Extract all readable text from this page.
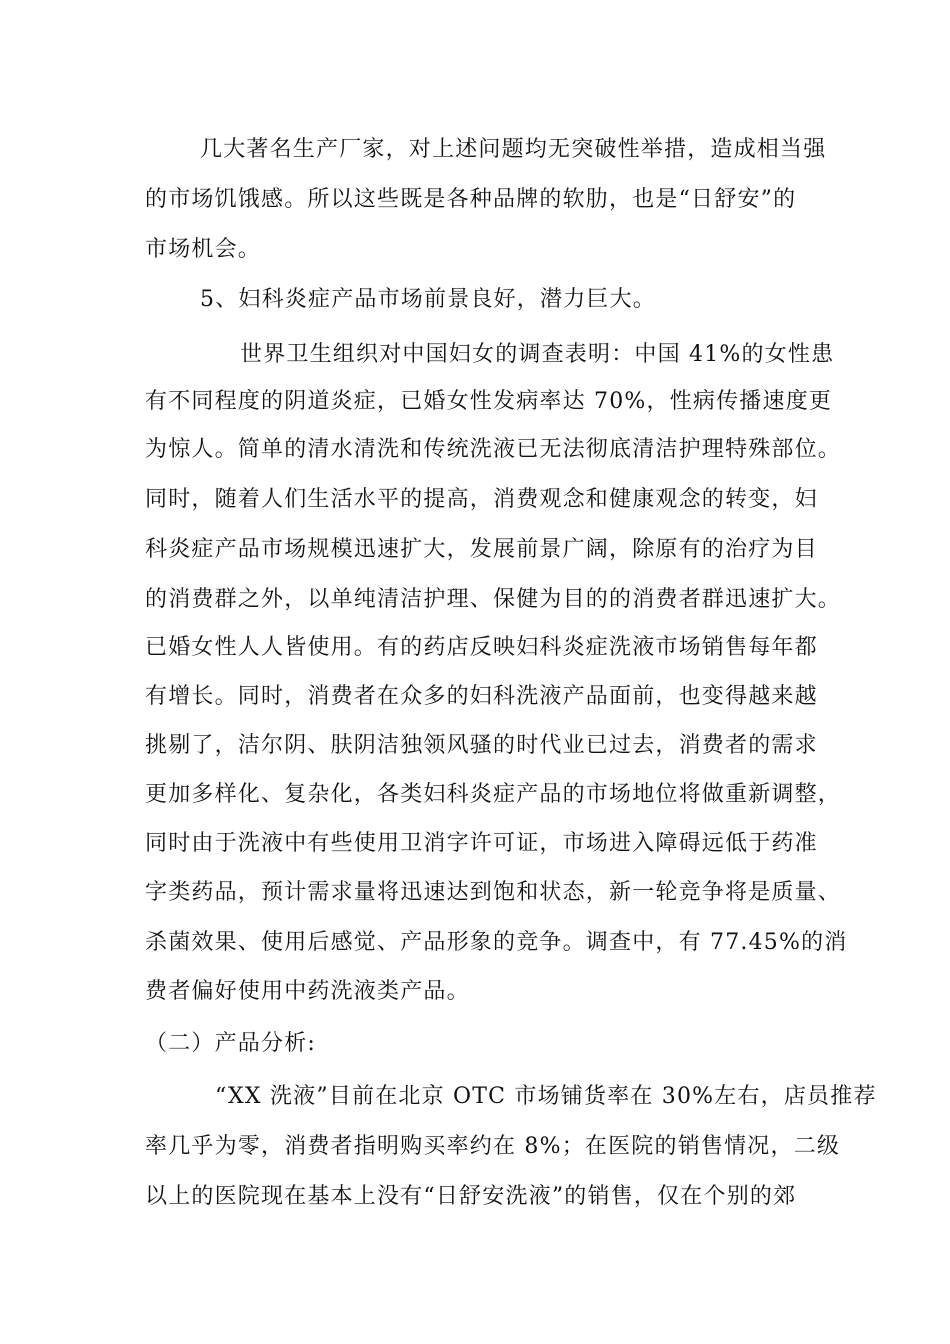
几大著名生产厂家，对上述问题均无突破性举措，造成相当强
的市场饥饿感。所以这些既是各种品牌的软肋，也是“日舒安”的
市场机会。
5、妇科炎症产品市场前景良好，潜力巨大。
世界卫生组织对中国妇女的调查表明：中国 41%的女性患
有不同程度的阴道炎症，已婚女性发病率达 70%，性病传播速度更
为惊人。简单的清水清洗和传统洗液已无法彻底清洁护理特殊部位。
同时，随着人们生活水平的提高，消费观念和健康观念的转变，妇
科炎症产品市场规模迅速扩大，发展前景广阔，除原有的治疗为目
的消费群之外，以单纯清洁护理、保健为目的的消费者群迅速扩大。
已婚女性人人皆使用。有的药店反映妇科炎症洗液市场销售每年都
有增长。同时，消费者在众多的妇科洗液产品面前，也变得越来越
挑剔了，洁尔阴、肤阴洁独领风骚的时代业已过去，消费者的需求
更加多样化、复杂化，各类妇科炎症产品的市场地位将做重新调整，
同时由于洗液中有些使用卫消字许可证，市场进入障碍远低于药准
字类药品，预计需求量将迅速达到饱和状态，新一轮竞争将是质量、
杀菌效果、使用后感觉、产品形象的竞争。调查中，有 77.45%的消
费者偏好使用中药洗液类产品。
（二）产品分析:
“XX 洗液”目前在北京 OTC 市场铺货率在 30%左右，店员推荐
率几乎为零，消费者指明购买率约在 8%；在医院的销售情况，二级
以上的医院现在基本上没有“日舒安洗液”的销售，仅在个别的郊
